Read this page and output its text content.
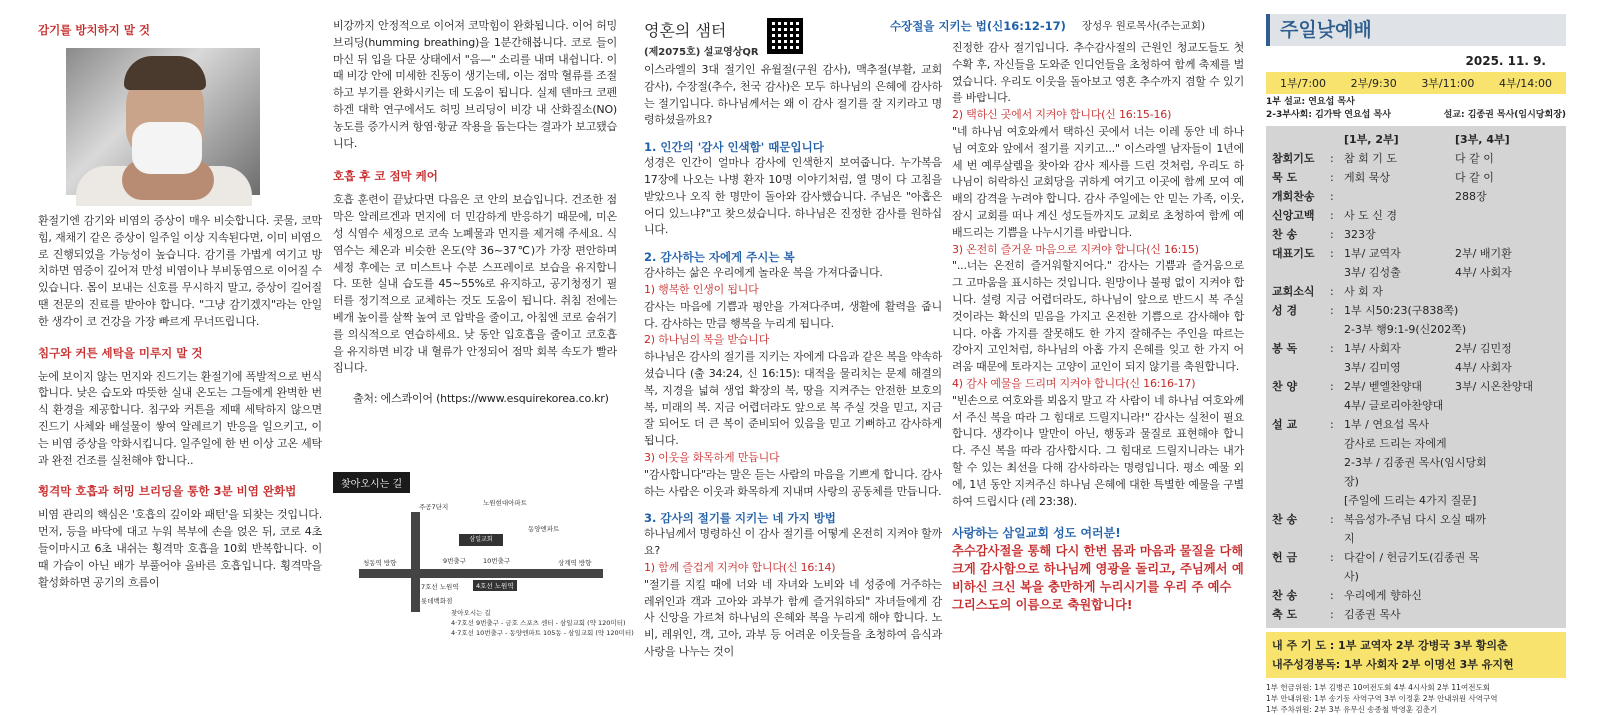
감기를 방치하지 말 것

환절기엔 감기와 비염의 증상이 매우 비슷합니다. 콧물, 코막힘, 재채기 같은 증상이 일주일 이상 지속된다면, 이미 비염으로 진행되었을 가능성이 높습니다. 감기를 가볍게 여기고 방치하면 염증이 깊어져 만성 비염이나 부비동염으로 이어질 수 있습니다. 몸이 보내는 신호를 무시하지 말고, 증상이 길어질 땐 전문의 진료를 받아야 합니다. "그냥 감기겠지"라는 안일한 생각이 코 건강을 가장 빠르게 무너뜨립니다.

침구와 커튼 세탁을 미루지 말 것

눈에 보이지 않는 먼지와 진드기는 환절기에 폭발적으로 번식합니다. 낮은 습도와 따뜻한 실내 온도는 그들에게 완벽한 번식 환경을 제공합니다. 침구와 커튼을 제때 세탁하지 않으면 진드기 사체와 배설물이 쌓여 알레르기 반응을 일으키고, 이는 비염 증상을 악화시킵니다. 일주일에 한 번 이상 고온 세탁과 완전 건조를 실천해야 합니다..

횡격막 호흡과 허밍 브리딩을 통한 3분 비염 완화법

비염 관리의 핵심은 '호흡의 깊이와 패턴'을 되찾는 것입니다. 먼저, 등을 바닥에 대고 누워 복부에 손을 얹은 뒤, 코로 4초 들이마시고 6초 내쉬는 횡격막 호흡을 10회 반복합니다. 이때 가슴이 아닌 배가 부풀어야 올바른 호흡입니다. 횡격막을 활성화하면 공기의 흐름이

비강까지 안정적으로 이어져 코막힘이 완화됩니다. 이어 허밍 브리딩(humming breathing)을 1분간해봅니다. 코로 들이마신 뒤 입을 다문 상태에서 "음—" 소리를 내며 내쉽니다. 이때 비강 안에 미세한 진동이 생기는데, 이는 점막 혈류를 조절하고 부기를 완화시키는 데 도움이 됩니다. 실제 덴마크 코펜하겐 대학 연구에서도 허밍 브리딩이 비강 내 산화질소(NO) 농도를 증가시켜 항염·항균 작용을 돕는다는 결과가 보고됐습니다.

호흡 후 코 점막 케어

호흡 훈련이 끝났다면 다음은 코 안의 보습입니다. 건조한 점막은 알레르겐과 먼지에 더 민감하게 반응하기 때문에, 미온성 식염수 세정으로 코속 노폐물과 먼지를 제거해 주세요. 식염수는 체온과 비슷한 온도(약 36~37℃)가 가장 편안하며 세정 후에는 코 미스트나 수분 스프레이로 보습을 유지합니다. 또한 실내 습도를 45~55%로 유지하고, 공기청정기 필터를 정기적으로 교체하는 것도 도움이 됩니다. 취침 전에는 베개 높이를 살짝 높여 코 압박을 줄이고, 아침엔 코로 숨쉬기를 의식적으로 연습하세요. 낮 동안 입호흡을 줄이고 코호흡을 유지하면 비강 내 혈류가 안정되어 점막 회복 속도가 빨라집니다.

출처: 에스콰이어 (https://www.esquirekorea.co.kr)

찾아오시는 길
삼일교회
주공7단지	노원현대아파트
동양엔파트
청동역 방향	상계역 방향
9번출구	10번출구
4호선 노원역
7호선 노원역
롯데백화점
찾아오시는 길
4·7호선 9번출구 - 금호 스포츠 센터 - 삼일교회 (약 120미터)
4·7호선 10번출구 - 동양엔파트 105동 - 삼일교회 (약 120미터)
영혼의 샘터
(제2075호) 설교영상QR

이스라엘의 3대 절기인 유월절(구원 감사), 맥추절(부활, 교회 감사), 수장절(추수, 천국 감사)은 모두 하나님의 은혜에 감사하는 절기입니다. 하나님께서는 왜 이 감사 절기를 잘 지키라고 명령하셨을까요?

1. 인간의 '감사 인색함' 때문입니다

성경은 인간이 얼마나 감사에 인색한지 보여줍니다. 누가복음 17장에 나오는 나병 환자 10명 이야기처럼, 열 명이 다 고침을 받았으나 오직 한 명만이 돌아와 감사했습니다. 주님은 "아홉은 어디 있느냐?"고 찾으셨습니다. 하나님은 진정한 감사를 원하십니다.

2. 감사하는 자에게 주시는 복

감사하는 삶은 우리에게 놀라운 복을 가져다줍니다.

1) 행복한 인생이 됩니다

감사는 마음에 기쁨과 평안을 가져다주며, 생활에 활력을 줍니다. 감사하는 만큼 행복을 누리게 됩니다.

2) 하나님의 복을 받습니다

하나님은 감사의 절기를 지키는 자에게 다음과 같은 복을 약속하셨습니다 (출 34:24, 신 16:15): 대적을 물리치는 문제 해결의 복, 지경을 넓혀 생업 확장의 복, 땅을 지켜주는 안전한 보호의 복, 미래의 복. 지금 어렵더라도 앞으로 복 주실 것을 믿고, 지금 잘 되어도 더 큰 복이 준비되어 있음을 믿고 기뻐하고 감사하게 됩니다.

3) 이웃을 화목하게 만듭니다

"감사합니다"라는 말은 듣는 사람의 마음을 기쁘게 합니다. 감사하는 사람은 이웃과 화목하게 지내며 사랑의 공동체를 만듭니다.

3. 감사의 절기를 지키는 네 가지 방법

하나님께서 명령하신 이 감사 절기를 어떻게 온전히 지켜야 할까요?

1) 함께 즐겁게 지켜야 합니다(신 16:14)

"절기를 지킬 때에 너와 네 자녀와 노비와 네 성중에 거주하는 레위인과 객과 고아와 과부가 함께 즐거워하되" 자녀들에게 감사 신앙을 가르쳐 하나님의 은혜와 복을 누리게 해야 합니다. 노비, 레위인, 객, 고아, 과부 등 어려운 이웃들을 초청하여 음식과 사랑을 나누는 것이

수장절을 지키는 법(신16:12-17) 장성우 원로목사(주는교회)

진정한 감사 절기입니다. 추수감사절의 근원인 청교도들도 첫 수확 후, 자신들을 도와준 인디언들을 초청하여 함께 축제를 벌였습니다. 우리도 이웃을 돌아보고 영혼 추수까지 겸할 수 있기를 바랍니다.

2) 택하신 곳에서 지켜야 합니다(신 16:15-16)

"네 하나님 여호와께서 택하신 곳에서 너는 이레 동안 네 하나님 여호와 앞에서 절기를 지키고..." 이스라엘 남자들이 1년에 세 번 예루살렘을 찾아와 감사 제사를 드린 것처럼, 우리도 하나님이 허락하신 교회당을 귀하게 여기고 이곳에 함께 모여 예배의 감격을 누려야 합니다. 감사 주일에는 안 믿는 가족, 이웃, 잠시 교회를 떠나 계신 성도들까지도 교회로 초청하여 함께 예배드리는 기쁨을 나누시기를 바랍니다.

3) 온전히 즐거운 마음으로 지켜야 합니다(신 16:15)

"...너는 온전히 즐거워할지어다." 감사는 기쁨과 즐거움으로 그 고마움을 표시하는 것입니다. 원망이나 불평 없이 지켜야 합니다. 설령 지금 어렵더라도, 하나님이 앞으로 반드시 복 주실 것이라는 확신의 믿음을 가지고 온전한 기쁨으로 감사해야 합니다. 아홉 가지를 잘못해도 한 가지 잘해주는 주인을 따르는 강아지 고인처럼, 하나님의 아홉 가지 은혜를 잊고 한 가지 어려움 때문에 토라지는 고양이 교인이 되지 않기를 축원합니다.

4) 감사 예물을 드리며 지켜야 합니다(신 16:16-17)

"빈손으로 여호와를 뵈옵지 말고 각 사람이 네 하나님 여호와께서 주신 복을 따라 그 힘대로 드릴지니라!" 감사는 실천이 필요합니다. 생각이나 말만이 아닌, 행동과 물질로 표현해야 합니다. 주신 복을 따라 감사합시다. 그 힘대로 드릴지니라는 내가 할 수 있는 최선을 다해 감사하라는 명령입니다. 평소 예물 외에, 1년 동안 지켜주신 하나님 은혜에 대한 특별한 예물을 구별하여 드립시다 (레 23:38).

사랑하는 삼일교회 성도 여러분!
추수감사절을 통해 다시 한번 몸과 마음과 물질을 다해 크게 감사함으로 하나님께 영광을 돌리고, 주님께서 예비하신 크신 복을 충만하게 누리시기를 우리 주 예수 그리스도의 이름으로 축원합니다!
주일낮예배
2025. 11. 9.
1부/7:00 2부/9:30 3부/11:00 4부/14:00
1부 설교: 연요섭 목사
2-3부사회: 김가탁 연요섭 목사	설교: 김종권 목사(임시당회장)
[1부, 2부]	[3부, 4부]
참회기도	: 참 회 기 도	다 같 이
묵 도	: 게회 묵상	다 같 이
개회찬송	:	288장
신앙고백	: 사 도 신 경
찬 송	: 323장
대표기도	: 1부/ 교역자	2부/ 배기환
3부/ 김성출	4부/ 사회자
교회소식	: 사 회 자
성 경	: 1부 시50:23(구838쪽)
2-3부 행9:1-9(신202쪽)
봉 독	: 1부/ 사회자	2부/ 김민정
3부/ 김미영	4부/ 사회자
찬 양	: 2부/ 벧엘찬양대	3부/ 시온찬양대
4부/ 글로리아찬양대
설 교	: 1부 / 연요섭 목사
감사로 드리는 자에게
2-3부 / 김종권 목사(임시당회장)
[주일에 드리는 4가지 질문]
찬 송	: 복음성가-주님 다시 오실 때까지
헌 금	: 다같이 / 헌금기도(김종권 목사)
찬 송	: 우리에게 향하신
축 도	: 김종권 목사
내 주 기 도 : 1부 교역자 2부 강병국 3부 황의춘
내주성경봉독: 1부 사회자 2부 이명선 3부 유지현
1부 헌금위원: 1부 김병곤 10여전도회 4부 4시사회 2부 11여전도회
1부 안내위원: 1부 송기동 사역구역 3부 이정훈 2부 안내위원 사역구역
1부 주차위원: 2부 3부 유무신 송종철 박영훈 김춘기
